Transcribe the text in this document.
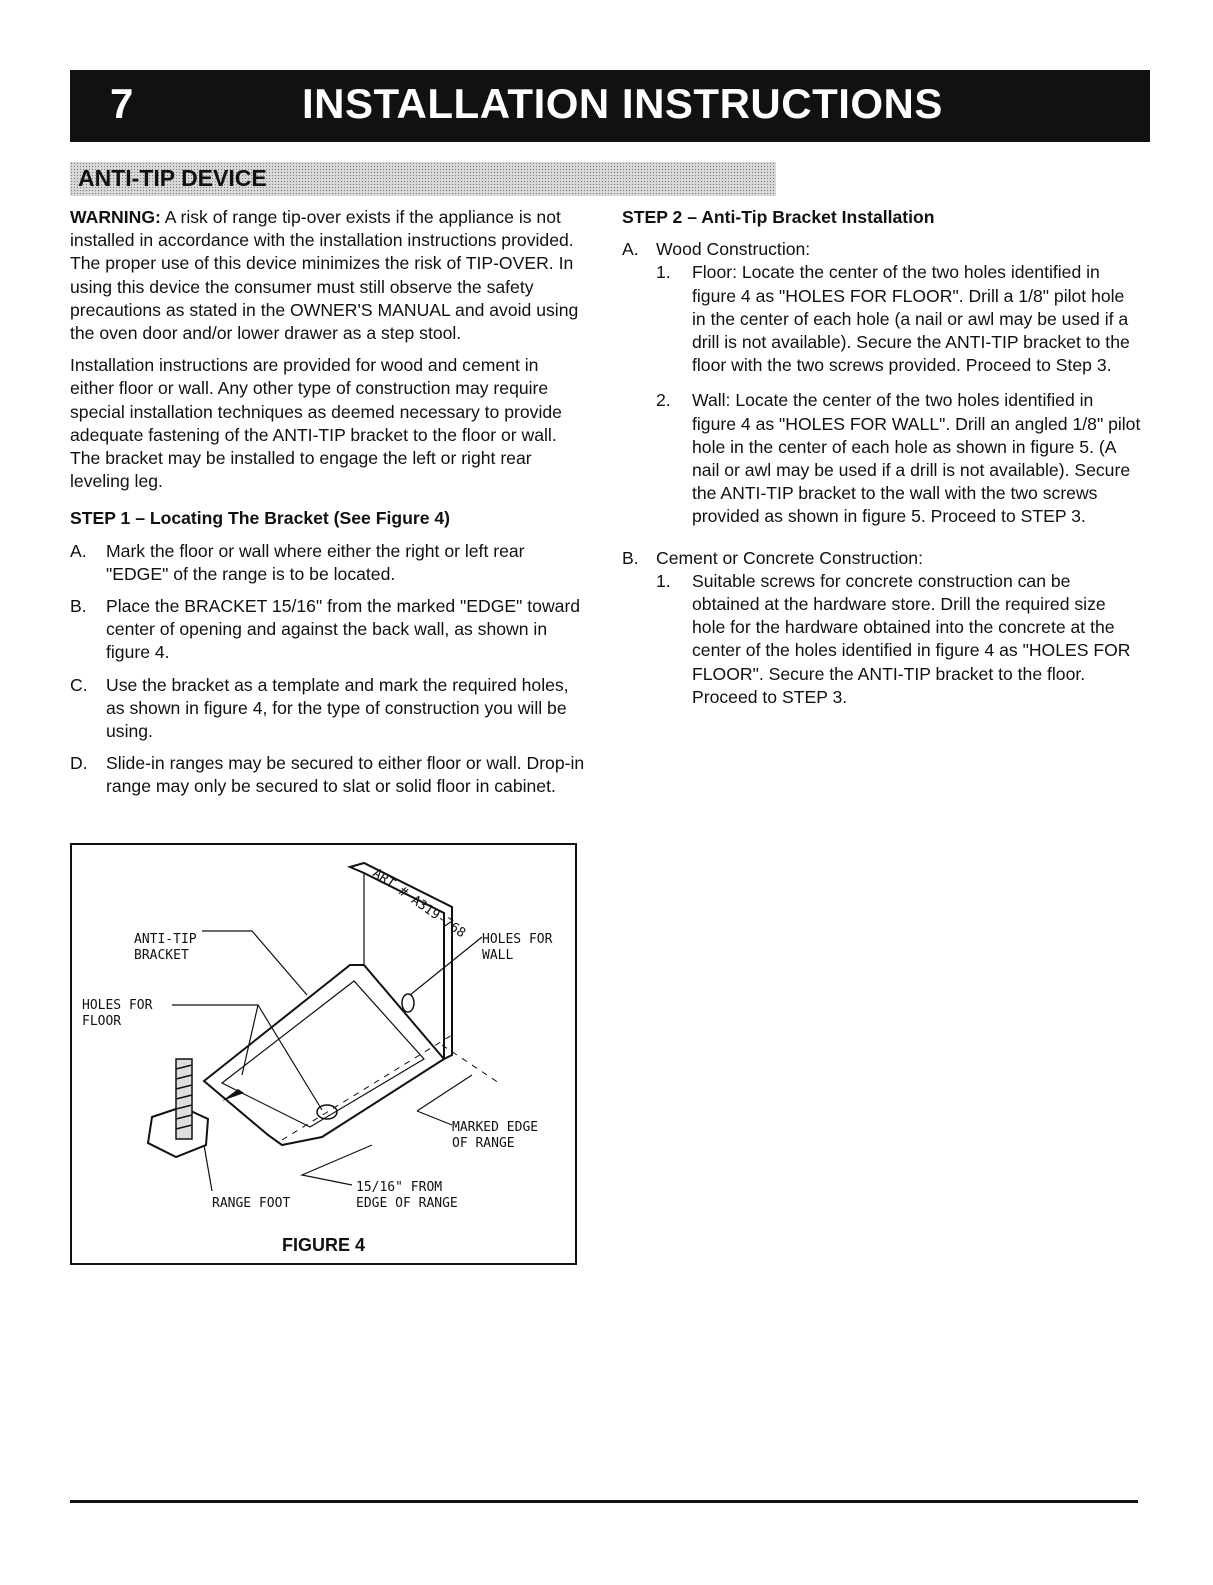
7	INSTALLATION INSTRUCTIONS
ANTI-TIP DEVICE

WARNING: A risk of range tip-over exists if the appliance is not installed in accordance with the installation instructions provided. The proper use of this device minimizes the risk of TIP-OVER. In using this device the consumer must still observe the safety precautions as stated in the OWNER'S MANUAL and avoid using the oven door and/or lower drawer as a step stool.

Installation instructions are provided for wood and cement in either floor or wall. Any other type of construction may require special installation techniques as deemed necessary to provide adequate fastening of the ANTI-TIP bracket to the floor or wall. The bracket may be installed to engage the left or right rear leveling leg.

STEP 1 – Locating The Bracket (See Figure 4)

A.	Mark the floor or wall where either the right or left rear "EDGE" of the range is to be located.
B.	Place the BRACKET 15/16" from the marked "EDGE" toward center of opening and against the back wall, as shown in figure 4.
C.	Use the bracket as a template and mark the required holes, as shown in figure 4, for the type of construction you will be using.
D.	Slide-in ranges may be secured to either floor or wall. Drop-in range may only be secured to slat or solid floor in cabinet.

STEP 2 – Anti-Tip Bracket Installation

A. Wood Construction:
1.	Floor: Locate the center of the two holes identified in figure 4 as "HOLES FOR FLOOR". Drill a 1/8" pilot hole in the center of each hole (a nail or awl may be used if a drill is not available). Secure the ANTI-TIP bracket to the floor with the two screws provided. Proceed to Step 3.
2.	Wall: Locate the center of the two holes identified in figure 4 as "HOLES FOR WALL". Drill an angled 1/8" pilot hole in the center of each hole as shown in figure 5. (A nail or awl may be used if a drill is not available). Secure the ANTI-TIP bracket to the wall with the two screws provided as shown in figure 5. Proceed to STEP 3.
B. Cement or Concrete Construction:
1.	Suitable screws for concrete construction can be obtained at the hardware store. Drill the required size hole for the hardware obtained into the concrete at the center of the holes identified in figure 4 as "HOLES FOR FLOOR". Secure the ANTI-TIP bracket to the floor. Proceed to STEP 3.
ANTI-TIP
BRACKET
HOLES FOR
FLOOR
HOLES FOR
WALL
MARKED EDGE
OF RANGE
15/16" FROM
EDGE OF RANGE
RANGE FOOT
ART # A319-768
FIGURE 4
